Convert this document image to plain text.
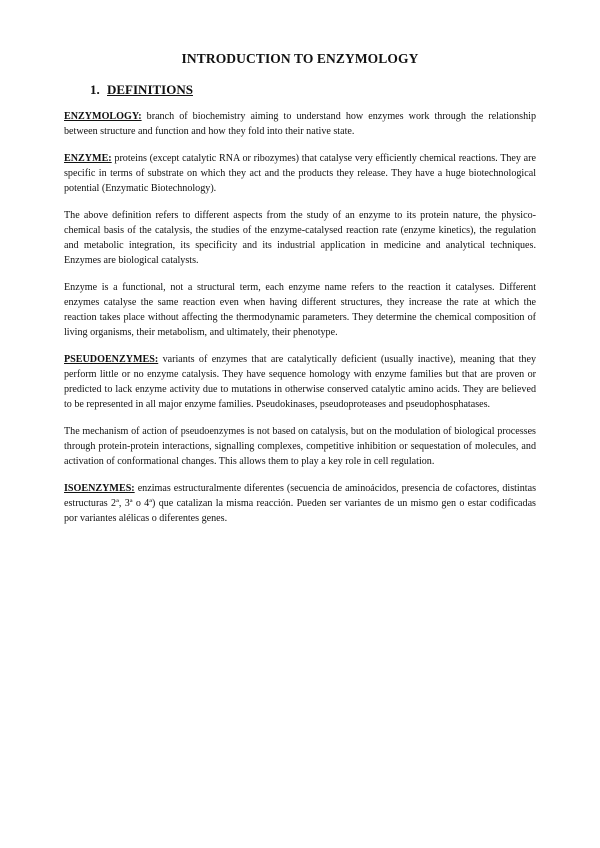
INTRODUCTION TO ENZYMOLOGY
1. DEFINITIONS

ENZYMOLOGY: branch of biochemistry aiming to understand how enzymes work through the relationship between structure and function and how they fold into their native state.

ENZYME: proteins (except catalytic RNA or ribozymes) that catalyse very efficiently chemical reactions. They are specific in terms of substrate on which they act and the products they release. They have a huge biotechnological potential (Enzymatic Biotechnology).

The above definition refers to different aspects from the study of an enzyme to its protein nature, the physico-chemical basis of the catalysis, the studies of the enzyme-catalysed reaction rate (enzyme kinetics), the regulation and metabolic integration, its specificity and its industrial application in medicine and analytical techniques. Enzymes are biological catalysts.

Enzyme is a functional, not a structural term, each enzyme name refers to the reaction it catalyses. Different enzymes catalyse the same reaction even when having different structures, they increase the rate at which the reaction takes place without affecting the thermodynamic parameters. They determine the chemical composition of living organisms, their metabolism, and ultimately, their phenotype.

PSEUDOENZYMES: variants of enzymes that are catalytically deficient (usually inactive), meaning that they perform little or no enzyme catalysis. They have sequence homology with enzyme families but that are proven or predicted to lack enzyme activity due to mutations in otherwise conserved catalytic amino acids. They are believed to be represented in all major enzyme families. Pseudokinases, pseudoproteases and pseudophosphatases.

The mechanism of action of pseudoenzymes is not based on catalysis, but on the modulation of biological processes through protein-protein interactions, signalling complexes, competitive inhibition or sequestation of molecules, and activation of conformational changes. This allows them to play a key role in cell regulation.

ISOENZYMES: enzimas estructuralmente diferentes (secuencia de aminoácidos, presencia de cofactores, distintas estructuras 2ª, 3ª o 4ª) que catalizan la misma reacción. Pueden ser variantes de un mismo gen o estar codificadas por variantes alélicas o diferentes genes.
